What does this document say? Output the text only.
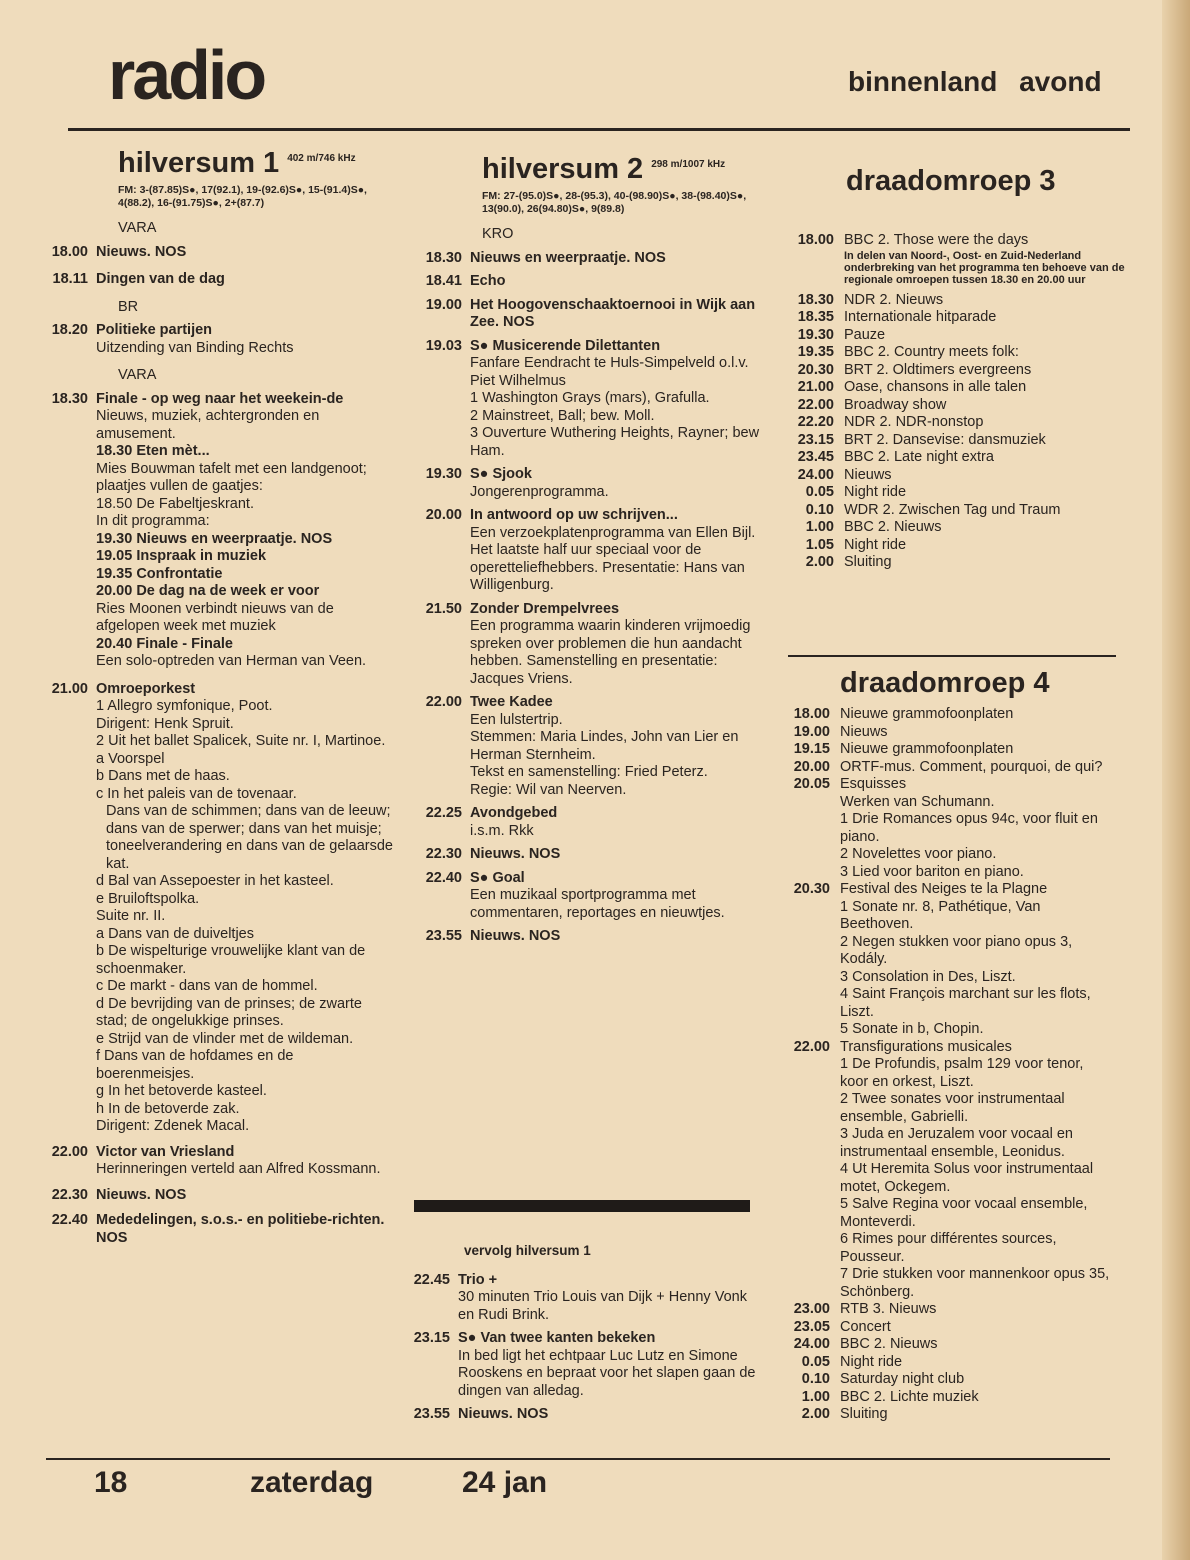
radio	binnenland avond
hilversum 1 $^{402 m/746 kHz}$
FM: 3-(87.85)S●, 17(92.1), 19-(92.6)S●, 15-(91.4)S●, 4(88.2), 16-(91.75)S●, 2+(87.7)
VARA
18.00 Nieuws. NOS
18.11 Dingen van de dag
BR
18.20 Politieke partijen
Uitzending van Binding Rechts
VARA
18.30 Finale - op weg naar het weekein-de
Nieuws, muziek, achtergronden en amusement.
18.30 Eten mèt...
Mies Bouwman tafelt met een landgenoot; plaatjes vullen de gaatjes:
18.50 De Fabeltjeskrant.
In dit programma:
19.30 Nieuws en weerpraatje. NOS
19.05 Inspraak in muziek
19.35 Confrontatie
20.00 De dag na de week er voor
Ries Moonen verbindt nieuws van de afgelopen week met muziek
20.40 Finale - Finale
Een solo-optreden van Herman van Veen.
21.00 Omroeporkest
1 Allegro symfonique, Poot.
Dirigent: Henk Spruit.
2 Uit het ballet Spalicek, Suite nr. I, Martinoe.
a Voorspel
b Dans met de haas.
c In het paleis van de tovenaar.
Dans van de schimmen; dans van de leeuw; dans van de sperwer; dans van het muisje; toneelverandering en dans van de gelaarsde kat.
d Bal van Assepoester in het kasteel.
e Bruiloftspolka.
Suite nr. II.
a Dans van de duiveltjes
b De wispelturige vrouwelijke klant van de schoenmaker.
c De markt - dans van de hommel.
d De bevrijding van de prinses; de zwarte stad; de ongelukkige prinses.
e Strijd van de vlinder met de wildeman.
f Dans van de hofdames en de boerenmeisjes.
g In het betoverde kasteel.
h In de betoverde zak.
Dirigent: Zdenek Macal.
22.00 Victor van Vriesland
Herinneringen verteld aan Alfred Kossmann.
22.30 Nieuws. NOS
22.40 Mededelingen, s.o.s.- en politiebe-richten. NOS
hilversum 2 $^{298 m/1007 kHz}$
FM: 27-(95.0)S●, 28-(95.3), 40-(98.90)S●, 38-(98.40)S●, 13(90.0), 26(94.80)S●, 9(89.8)
KRO
18.30 Nieuws en weerpraatje. NOS
18.41 Echo
19.00 Het Hoogovenschaaktoernooi in Wijk aan Zee. NOS
19.03 S● Musicerende Dilettanten
Fanfare Eendracht te Huls-Simpelveld o.l.v. Piet Wilhelmus
1 Washington Grays (mars), Grafulla.
2 Mainstreet, Ball; bew. Moll.
3 Ouverture Wuthering Heights, Rayner; bew Ham.
19.30 S● Sjook
Jongerenprogramma.
20.00 In antwoord op uw schrijven...
Een verzoekplatenprogramma van Ellen Bijl. Het laatste half uur speciaal voor de operetteliefhebbers. Presentatie: Hans van Willigenburg.
21.50 Zonder Drempelvrees
Een programma waarin kinderen vrijmoedig spreken over problemen die hun aandacht hebben. Samenstelling en presentatie: Jacques Vriens.
22.00 Twee Kadee
Een lulstertrip.
Stemmen: Maria Lindes, John van Lier en Herman Sternheim.
Tekst en samenstelling: Fried Peterz.
Regie: Wil van Neerven.
22.25 Avondgebed
i.s.m. Rkk
22.30 Nieuws. NOS
22.40 S● Goal
Een muzikaal sportprogramma met commentaren, reportages en nieuwtjes.
23.55 Nieuws. NOS
vervolg hilversum 1
22.45 Trio +
30 minuten Trio Louis van Dijk + Henny Vonk en Rudi Brink.
23.15 S● Van twee kanten bekeken
In bed ligt het echtpaar Luc Lutz en Simone Rooskens en bepraat voor het slapen gaan de dingen van alledag.
23.55 Nieuws. NOS
draadomroep 3
18.00 BBC 2. Those were the days
In delen van Noord-, Oost- en Zuid-Nederland onderbreking van het programma ten behoeve van de regionale omroepen tussen 18.30 en 20.00 uur
18.30 NDR 2. Nieuws
18.35 Internationale hitparade
19.30 Pauze
19.35 BBC 2. Country meets folk:
20.30 BRT 2. Oldtimers evergreens
21.00 Oase, chansons in alle talen
22.00 Broadway show
22.20 NDR 2. NDR-nonstop
23.15 BRT 2. Dansevise: dansmuziek
23.45 BBC 2. Late night extra
24.00 Nieuws
0.05 Night ride
0.10 WDR 2. Zwischen Tag und Traum
1.00 BBC 2. Nieuws
1.05 Night ride
2.00 Sluiting
draadomroep 4
18.00 Nieuwe grammofoonplaten
19.00 Nieuws
19.15 Nieuwe grammofoonplaten
20.00 ORTF-mus. Comment, pourquoi, de qui?
20.05 Esquisses
Werken van Schumann.
1 Drie Romances opus 94c, voor fluit en piano.
2 Novelettes voor piano.
3 Lied voor bariton en piano.
20.30 Festival des Neiges te la Plagne
1 Sonate nr. 8, Pathétique, Van Beethoven.
2 Negen stukken voor piano opus 3, Kodály.
3 Consolation in Des, Liszt.
4 Saint François marchant sur les flots, Liszt.
5 Sonate in b, Chopin.
22.00 Transfigurations musicales
1 De Profundis, psalm 129 voor tenor, koor en orkest, Liszt.
2 Twee sonates voor instrumentaal ensemble, Gabrielli.
3 Juda en Jeruzalem voor vocaal en instrumentaal ensemble, Leonidus.
4 Ut Heremita Solus voor instrumentaal motet, Ockegem.
5 Salve Regina voor vocaal ensemble, Monteverdi.
6 Rimes pour différentes sources, Pousseur.
7 Drie stukken voor mannenkoor opus 35, Schönberg.
23.00 RTB 3. Nieuws
23.05 Concert
24.00 BBC 2. Nieuws
0.05 Night ride
0.10 Saturday night club
1.00 BBC 2. Lichte muziek
2.00 Sluiting
18	zaterdag	24 jan
